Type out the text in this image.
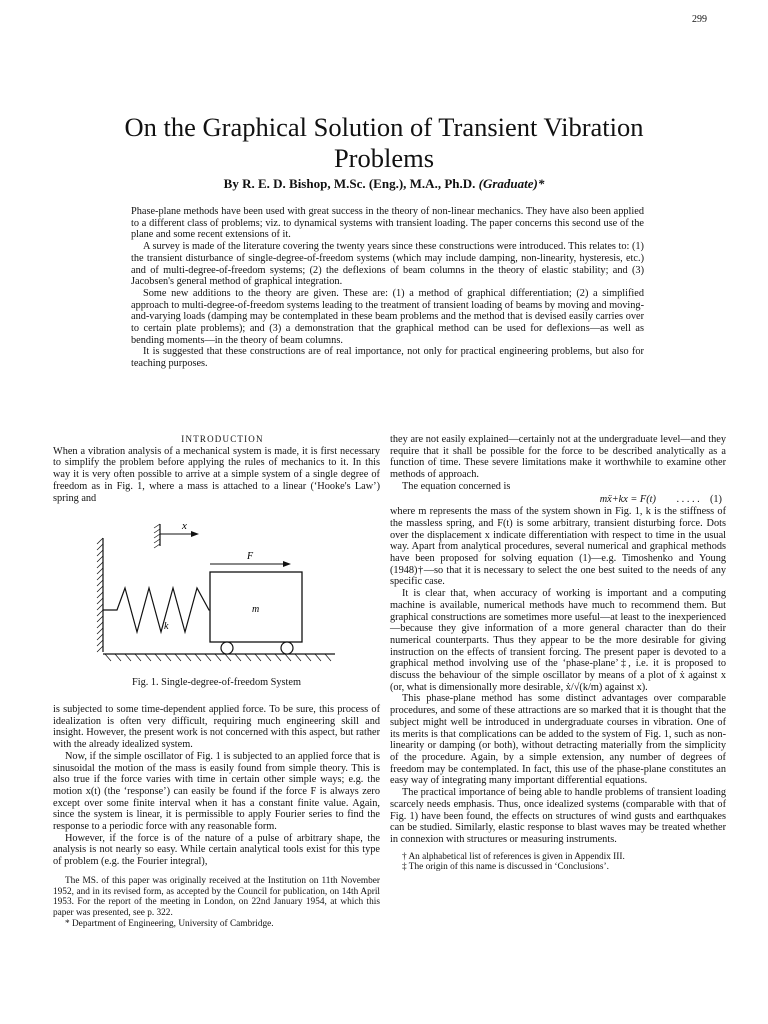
299
On the Graphical Solution of Transient Vibration
Problems

By R. E. D. Bishop, M.Sc. (Eng.), M.A., Ph.D. (Graduate)*

Phase-plane methods have been used with great success in the theory of non-linear mechanics. They have also been applied to a different class of problems; viz. to dynamical systems with transient loading. The paper concerns this second use of the plane and some recent extensions of it.

A survey is made of the literature covering the twenty years since these constructions were introduced. This relates to: (1) the transient disturbance of single-degree-of-freedom systems (which may include damping, non-linearity, hysteresis, etc.) and of multi-degree-of-freedom systems; (2) the deflexions of beam columns in the theory of elastic stability; and (3) Jacobsen's general method of graphical integration.

Some new additions to the theory are given. These are: (1) a method of graphical differentiation; (2) a simplified approach to multi-degree-of-freedom systems leading to the treatment of transient loading of beams by moving and moving-and-varying loads (damping may be contemplated in these beam problems and the method that is devised easily carries over to certain plate problems); and (3) a demonstration that the graphical method can be used for deflexions—as well as bending moments—in the theory of beam columns.

It is suggested that these constructions are of real importance, not only for practical engineering problems, but also for teaching purposes.

INTRODUCTION

When a vibration analysis of a mechanical system is made, it is first necessary to simplify the problem before applying the rules of mechanics to it. In this way it is very often possible to arrive at a simple system of a single degree of freedom as in Fig. 1, where a mass is attached to a linear (‘Hooke's Law’) spring and

x
F
m
k
Fig. 1. Single-degree-of-freedom System

is subjected to some time-dependent applied force. To be sure, this process of idealization is often very difficult, requiring much engineering skill and insight. However, the present work is not concerned with this aspect, but rather with the already idealized system.

Now, if the simple oscillator of Fig. 1 is subjected to an applied force that is sinusoidal the motion of the mass is easily found from simple theory. This is also true if the force varies with time in certain other simple ways; e.g. the motion x(t) (the ‘response’) can easily be found if the force F is always zero except over some finite interval when it has a constant finite value. Again, since the system is linear, it is permissible to apply Fourier series to find the response to a periodic force with any reasonable form.

However, if the force is of the nature of a pulse of arbitrary shape, the analysis is not nearly so easy. While certain analytical tools exist for this type of problem (e.g. the Fourier integral),

The MS. of this paper was originally received at the Institution on 11th November 1952, and in its revised form, as accepted by the Council for publication, on 14th April 1953. For the report of the meeting in London, on 22nd January 1954, at which this paper was presented, see p. 322.

* Department of Engineering, University of Cambridge.

they are not easily explained—certainly not at the undergraduate level—and they require that it shall be possible for the force to be described analytically as a function of time. These severe limitations make it worthwhile to examine other methods of approach.

The equation concerned is

mẍ+kx = F(t) . . . . . (1)

where m represents the mass of the system shown in Fig. 1, k is the stiffness of the massless spring, and F(t) is some arbitrary, transient disturbing force. Dots over the displacement x indicate differentiation with respect to time in the usual way. Apart from analytical procedures, several numerical and graphical methods have been proposed for solving equation (1)—e.g. Timoshenko and Young (1948)†—so that it is necessary to select the one best suited to the needs of any specific case.

It is clear that, when accuracy of working is important and a computing machine is available, numerical methods have much to recommend them. But graphical constructions are sometimes more useful—at least to the inexperienced—because they give information of a more general character than do their numerical counterparts. Thus they appear to be the more desirable for giving instruction on the effects of transient forcing. The present paper is devoted to a graphical method involving use of the ‘phase-plane’‡, i.e. it is proposed to discuss the behaviour of the simple oscillator by means of a plot of ẋ against x (or, what is dimensionally more desirable, ẋ/√(k/m) against x).

This phase-plane method has some distinct advantages over comparable procedures, and some of these attractions are so marked that it is thought that the subject might well be introduced in undergraduate courses in vibration. One of its merits is that complications can be added to the system of Fig. 1, such as non-linearity or damping (or both), without detracting materially from the simplicity of the procedure. Again, by a simple extension, any number of degrees of freedom may be contemplated. In fact, this use of the phase-plane constitutes an easy way of integrating many important differential equations.

The practical importance of being able to handle problems of transient loading scarcely needs emphasis. Thus, once idealized systems (comparable with that of Fig. 1) have been found, the effects on structures of wind gusts and earthquakes can be studied. Similarly, elastic response to blast waves may be treated whether in connexion with structures or measuring instruments.

† An alphabetical list of references is given in Appendix III.

‡ The origin of this name is discussed in ‘Conclusions’.
